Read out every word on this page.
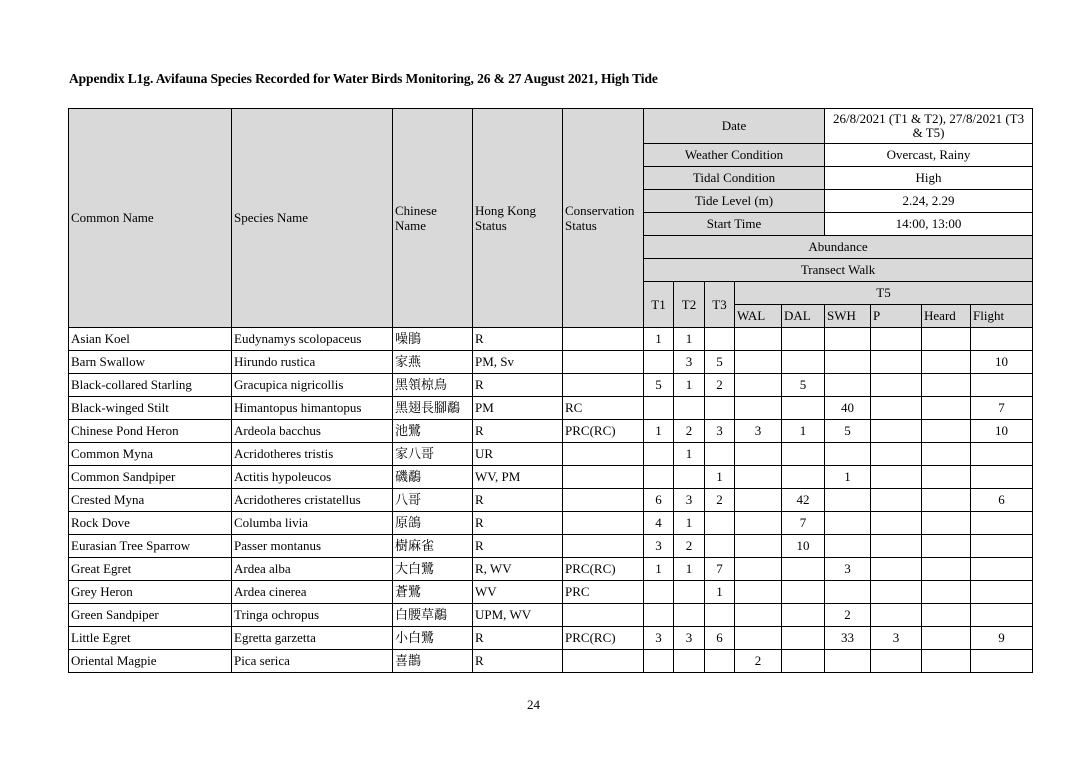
Appendix L1g. Avifauna Species Recorded for Water Birds Monitoring, 26 & 27 August 2021, High Tide
Common Name	Species Name	Chinese Name	Hong Kong Status	Conservation Status	Date					26/8/2021 (T1 & T2), 27/8/2021 (T3 & T5)			
					Weather Condition					Overcast, Rainy			
					Tidal Condition					High			
					Tide Level (m)					2.24, 2.29			
					Start Time					14:00, 13:00			
					Abundance								
					Transect Walk								
					T1	T2	T3	T5					
								WAL	DAL	SWH	P	Heard	Flight
Asian Koel	Eudynamys scolopaceus	噪鵑	R		1	1							
Barn Swallow	Hirundo rustica	家燕	PM, Sv			3	5						10
Black-collared Starling	Gracupica nigricollis	黑領椋鳥	R		5	1	2		5				
Black-winged Stilt	Himantopus himantopus	黑翅長腳鷸	PM	RC						40			7
Chinese Pond Heron	Ardeola bacchus	池鷺	R	PRC(RC)	1	2	3	3	1	5			10
Common Myna	Acridotheres tristis	家八哥	UR			1							
Common Sandpiper	Actitis hypoleucos	磯鷸	WV, PM				1			1			
Crested Myna	Acridotheres cristatellus	八哥	R		6	3	2		42				6
Rock Dove	Columba livia	原鴿	R		4	1			7				
Eurasian Tree Sparrow	Passer montanus	樹麻雀	R		3	2			10				
Great Egret	Ardea alba	大白鷺	R, WV	PRC(RC)	1	1	7			3			
Grey Heron	Ardea cinerea	蒼鷺	WV	PRC			1						
Green Sandpiper	Tringa ochropus	白腰草鷸	UPM, WV							2			
Little Egret	Egretta garzetta	小白鷺	R	PRC(RC)	3	3	6			33	3		9
Oriental Magpie	Pica serica	喜鵲	R					2					
24
